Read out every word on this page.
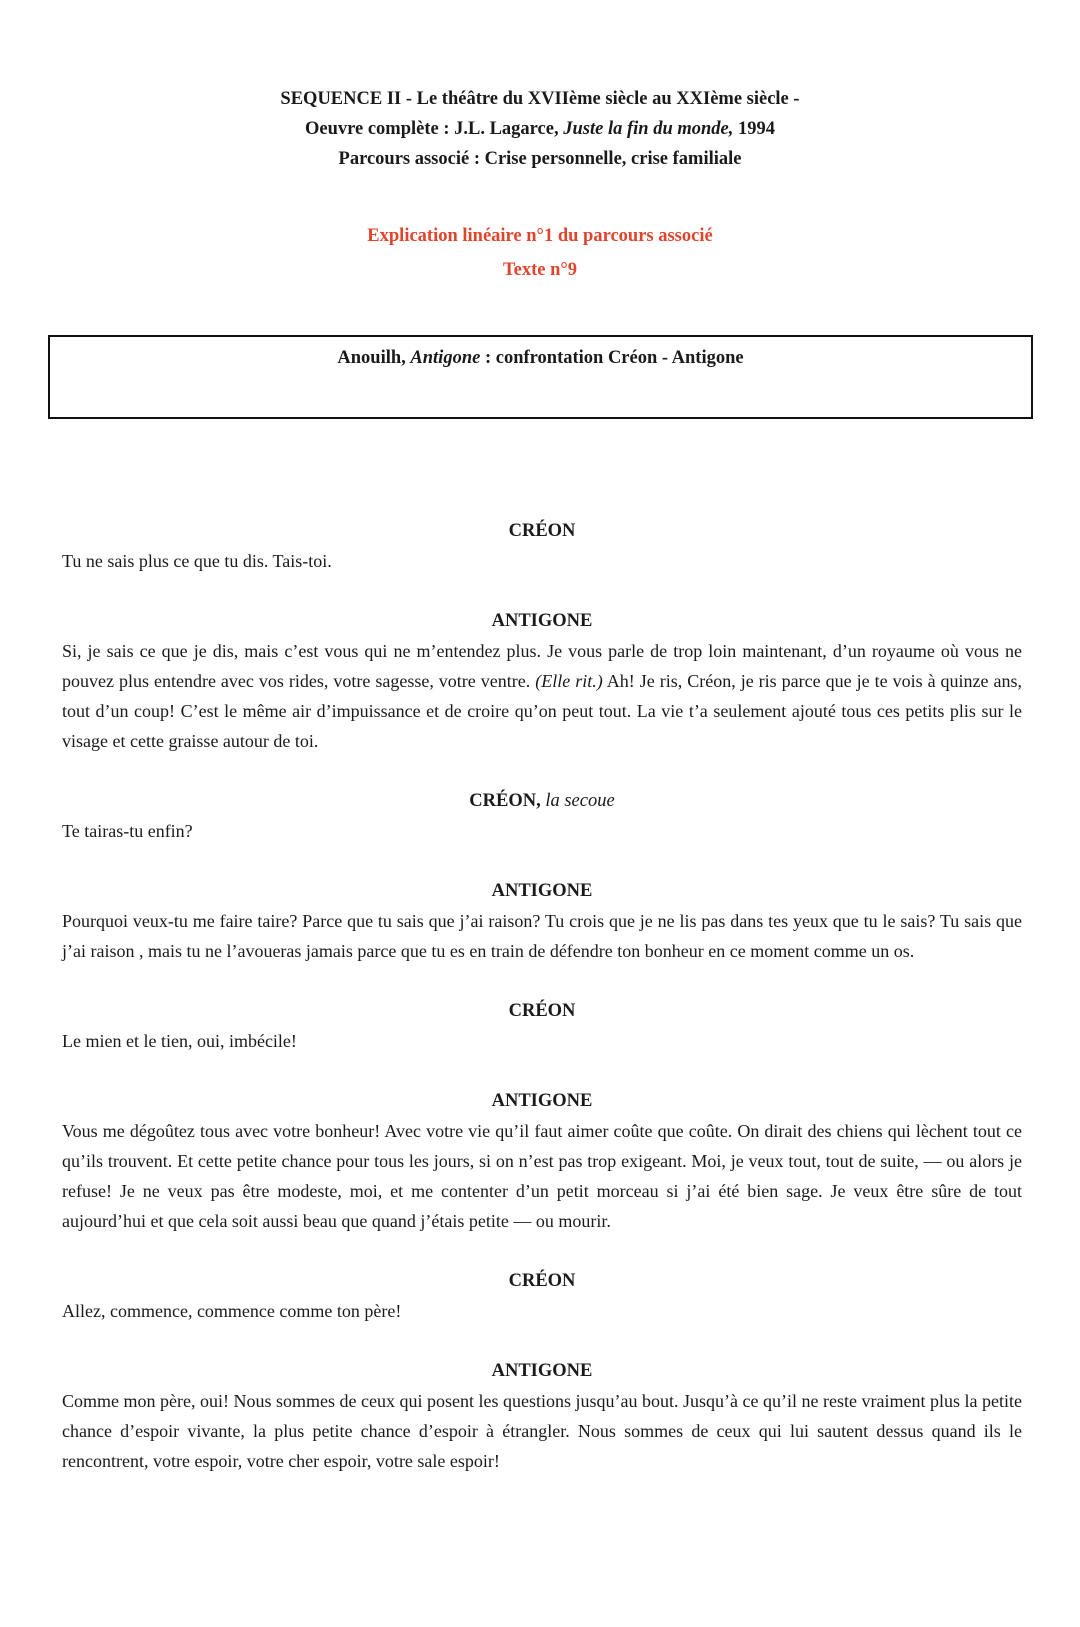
SEQUENCE II - Le théâtre du XVIIème siècle au XXIème siècle -
Oeuvre complète : J.L. Lagarce, Juste la fin du monde, 1994
Parcours associé : Crise personnelle, crise familiale
Explication linéaire n°1 du parcours associé
Texte n°9
Anouilh, Antigone : confrontation Créon - Antigone
CRÉON

Tu ne sais plus ce que tu dis. Tais-toi.

ANTIGONE

Si, je sais ce que je dis, mais c’est vous qui ne m’entendez plus. Je vous parle de trop loin maintenant, d’un royaume où vous ne pouvez plus entendre avec vos rides, votre sagesse, votre ventre. (Elle rit.) Ah! Je ris, Créon, je ris parce que je te vois à quinze ans, tout d’un coup! C’est le même air d’impuissance et de croire qu’on peut tout. La vie t’a seulement ajouté tous ces petits plis sur le visage et cette graisse autour de toi.

CRÉON, la secoue

Te tairas-tu enfin?

ANTIGONE

Pourquoi veux-tu me faire taire? Parce que tu sais que j’ai raison? Tu crois que je ne lis pas dans tes yeux que tu le sais? Tu sais que j’ai raison , mais tu ne l’avoueras jamais parce que tu es en train de défendre ton bonheur en ce moment comme un os.

CRÉON

Le mien et le tien, oui, imbécile!

ANTIGONE

Vous me dégoûtez tous avec votre bonheur! Avec votre vie qu’il faut aimer coûte que coûte. On dirait des chiens qui lèchent tout ce qu’ils trouvent. Et cette petite chance pour tous les jours, si on n’est pas trop exigeant. Moi, je veux tout, tout de suite, — ou alors je refuse! Je ne veux pas être modeste, moi, et me contenter d’un petit morceau si j’ai été bien sage. Je veux être sûre de tout aujourd’hui et que cela soit aussi beau que quand j’étais petite — ou mourir.

CRÉON

Allez, commence, commence comme ton père!

ANTIGONE

Comme mon père, oui! Nous sommes de ceux qui posent les questions jusqu’au bout. Jusqu’à ce qu’il ne reste vraiment plus la petite chance d’espoir vivante, la plus petite chance d’espoir à étrangler. Nous sommes de ceux qui lui sautent dessus quand ils le rencontrent, votre espoir, votre cher espoir, votre sale espoir!
